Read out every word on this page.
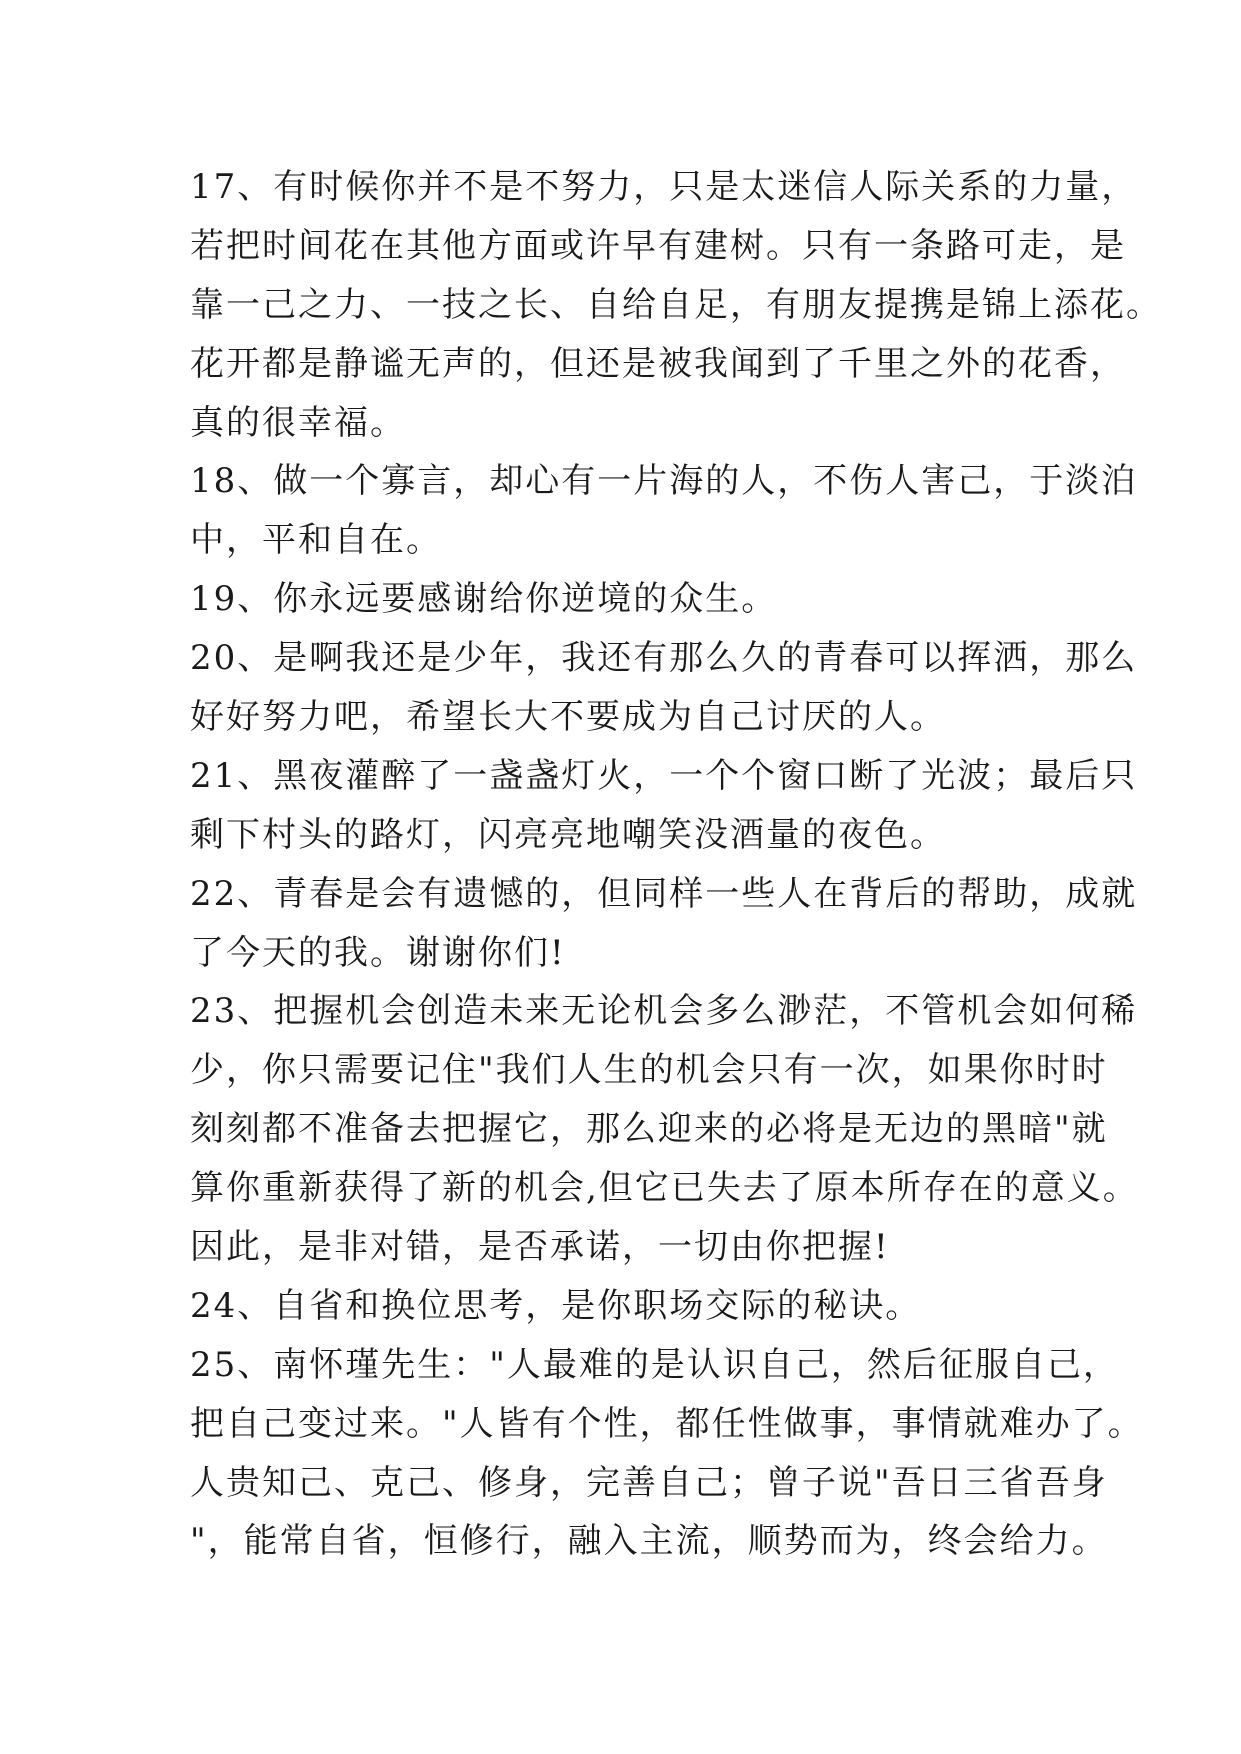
17、有时候你并不是不努力，只是太迷信人际关系的力量，
若把时间花在其他方面或许早有建树。只有一条路可走，是
靠一己之力、一技之长、自给自足，有朋友提携是锦上添花。
花开都是静谧无声的，但还是被我闻到了千里之外的花香，
真的很幸福。
18、做一个寡言，却心有一片海的人，不伤人害己，于淡泊
中，平和自在。
19、你永远要感谢给你逆境的众生。
20、是啊我还是少年，我还有那么久的青春可以挥洒，那么
好好努力吧，希望长大不要成为自己讨厌的人。
21、黑夜灌醉了一盏盏灯火，一个个窗口断了光波；最后只
剩下村头的路灯，闪亮亮地嘲笑没酒量的夜色。
22、青春是会有遗憾的，但同样一些人在背后的帮助，成就
了今天的我。谢谢你们!
23、把握机会创造未来无论机会多么渺茫，不管机会如何稀
少，你只需要记住"我们人生的机会只有一次，如果你时时
刻刻都不准备去把握它，那么迎来的必将是无边的黑暗"就
算你重新获得了新的机会,但它已失去了原本所存在的意义。
因此，是非对错，是否承诺，一切由你把握!
24、自省和换位思考，是你职场交际的秘诀。
25、南怀瑾先生："人最难的是认识自己，然后征服自己，
把自己变过来。"人皆有个性，都任性做事，事情就难办了。
人贵知己、克己、修身，完善自己；曾子说"吾日三省吾身
"，能常自省，恒修行，融入主流，顺势而为，终会给力。
